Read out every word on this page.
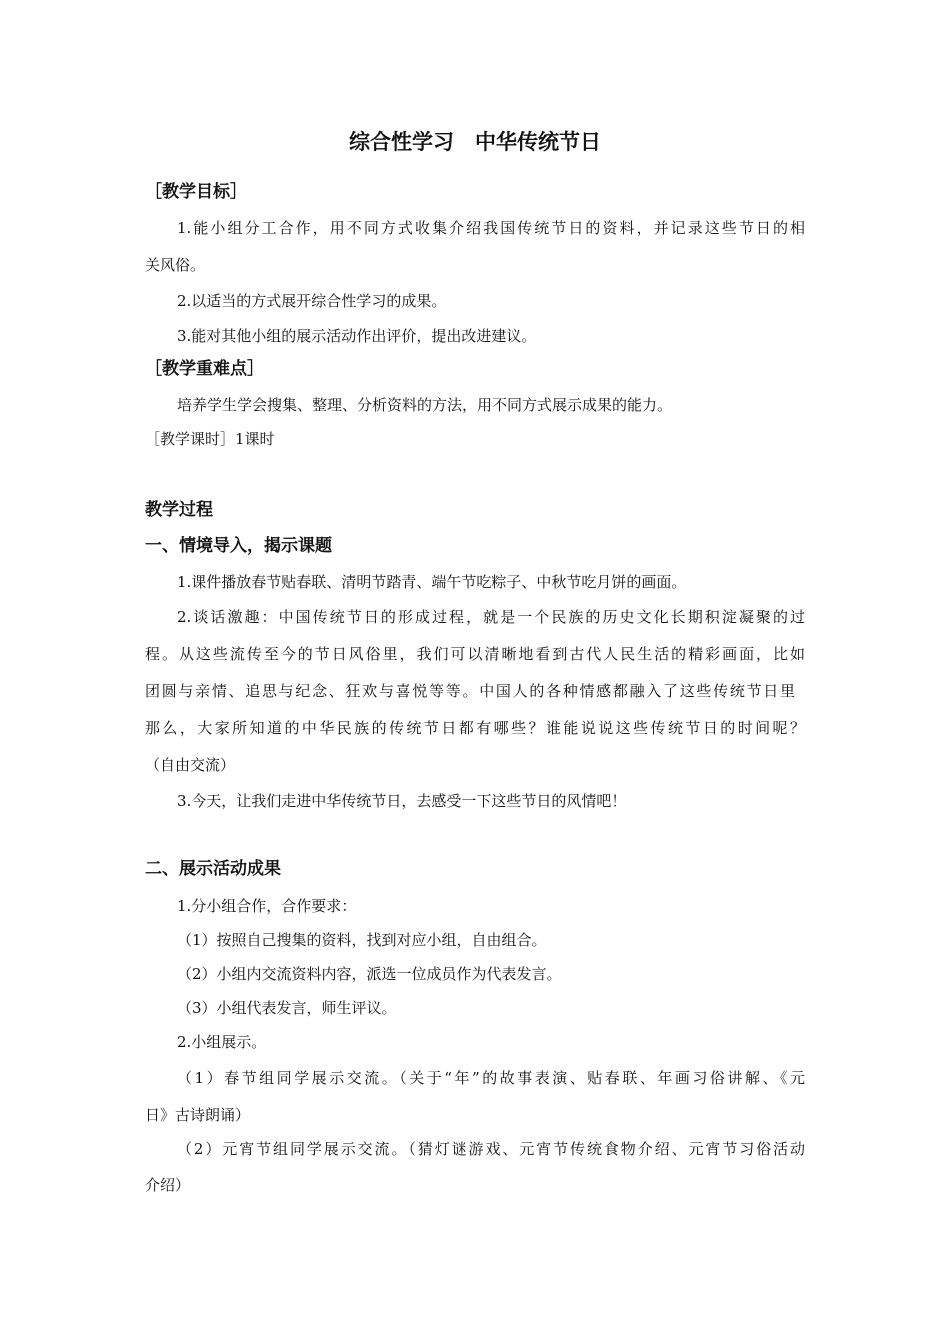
综合性学习　中华传统节日
［教学目标］
1.能小组分工合作，用不同方式收集介绍我国传统节日的资料，并记录这些节日的相
关风俗。
2.以适当的方式展开综合性学习的成果。
3.能对其他小组的展示活动作出评价，提出改进建议。
［教学重难点］
培养学生学会搜集、整理、分析资料的方法，用不同方式展示成果的能力。
［教学课时］1课时
教学过程
一、情境导入，揭示课题
1.课件播放春节贴春联、清明节踏青、端午节吃粽子、中秋节吃月饼的画面。
2.谈话激趣：中国传统节日的形成过程，就是一个民族的历史文化长期积淀凝聚的过
程。从这些流传至今的节日风俗里，我们可以清晰地看到古代人民生活的精彩画面，比如
团圆与亲情、追思与纪念、狂欢与喜悦等等。中国人的各种情感都融入了这些传统节日里
那么，大家所知道的中华民族的传统节日都有哪些？谁能说说这些传统节日的时间呢？
（自由交流）
3.今天，让我们走进中华传统节日，去感受一下这些节日的风情吧！
二、展示活动成果
1.分小组合作，合作要求：
（1）按照自己搜集的资料，找到对应小组，自由组合。
（2）小组内交流资料内容，派选一位成员作为代表发言。
（3）小组代表发言，师生评议。
2.小组展示。
（1）春节组同学展示交流。（关于“年”的故事表演、贴春联、年画习俗讲解、《元
日》古诗朗诵）
（2）元宵节组同学展示交流。（猜灯谜游戏、元宵节传统食物介绍、元宵节习俗活动
介绍）
